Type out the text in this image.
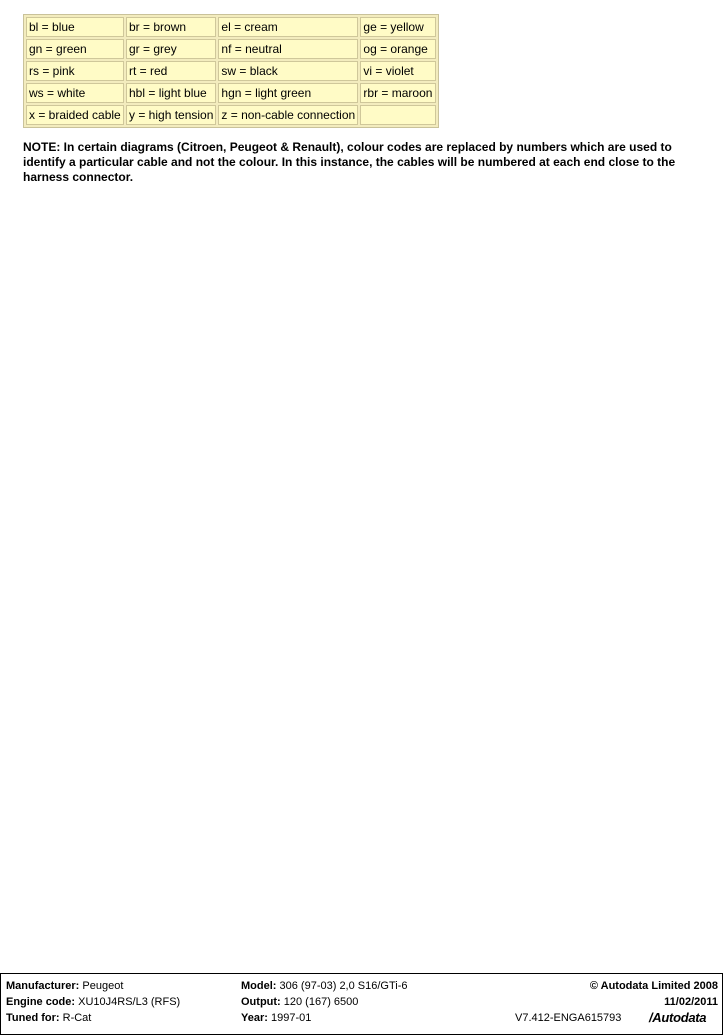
bl = blue	br = brown	el = cream	ge = yellow
gn = green	gr = grey	nf = neutral	og = orange
rs = pink	rt = red	sw = black	vi = violet
ws = white	hbl = light blue	hgn = light green	rbr = maroon
x = braided cable	y = high tension	z = non-cable connection	
NOTE: In certain diagrams (Citroen, Peugeot & Renault), colour codes are replaced by numbers which are used to identify a particular cable and not the colour. In this instance, the cables will be numbered at each end close to the harness connector.
Manufacturer: Peugeot	Model: 306 (97-03) 2,0 S16/GTi-6	© Autodata Limited 2008
Engine code: XU10J4RS/L3 (RFS)	Output: 120 (167) 6500	11/02/2011
Tuned for: R-Cat	Year: 1997-01	V7.412-ENGA615793 /Autodata
